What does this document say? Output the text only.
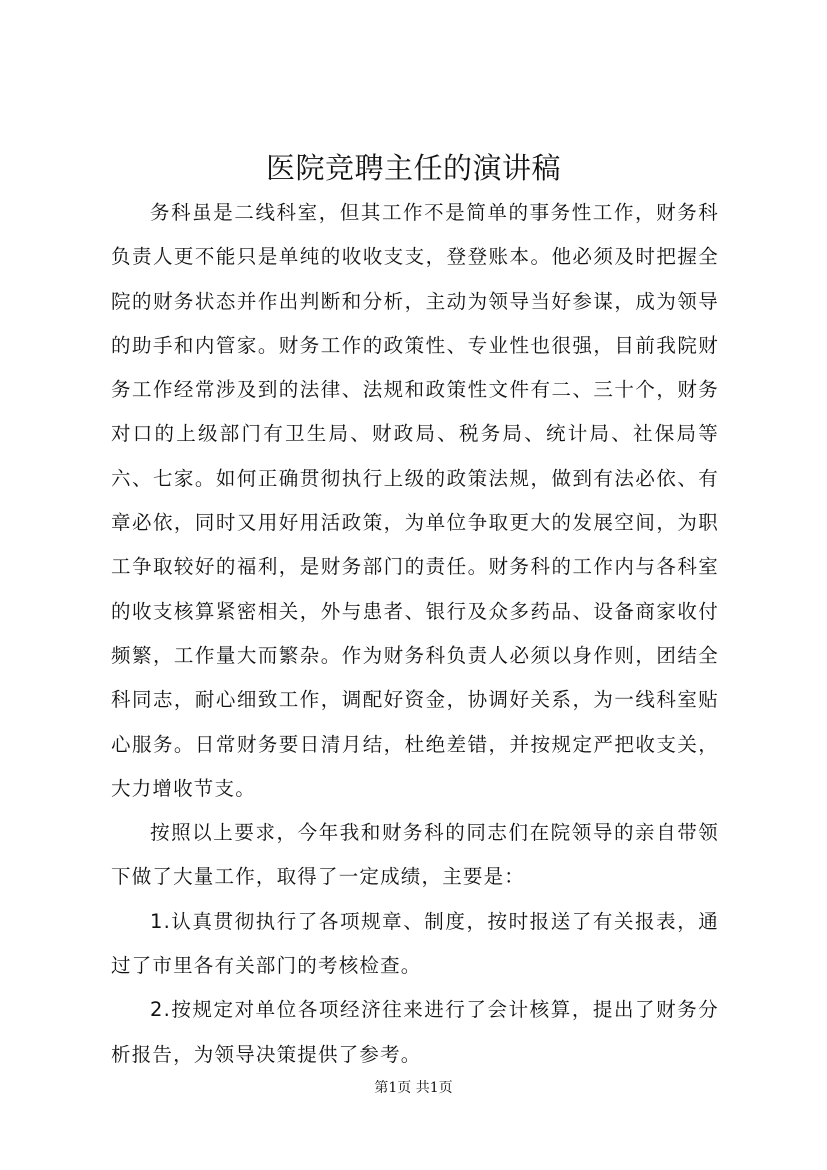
医院竞聘主任的演讲稿

务科虽是二线科室，但其工作不是简单的事务性工作，财务科负责人更不能只是单纯的收收支支，登登账本。他必须及时把握全院的财务状态并作出判断和分析，主动为领导当好参谋，成为领导的助手和内管家。财务工作的政策性、专业性也很强，目前我院财务工作经常涉及到的法律、法规和政策性文件有二、三十个，财务对口的上级部门有卫生局、财政局、税务局、统计局、社保局等六、七家。如何正确贯彻执行上级的政策法规，做到有法必依、有章必依，同时又用好用活政策，为单位争取更大的发展空间，为职工争取较好的福利，是财务部门的责任。财务科的工作内与各科室的收支核算紧密相关，外与患者、银行及众多药品、设备商家收付频繁，工作量大而繁杂。作为财务科负责人必须以身作则，团结全科同志，耐心细致工作，调配好资金，协调好关系，为一线科室贴心服务。日常财务要日清月结，杜绝差错，并按规定严把收支关，大力增收节支。

按照以上要求，今年我和财务科的同志们在院领导的亲自带领下做了大量工作，取得了一定成绩，主要是：

1.认真贯彻执行了各项规章、制度，按时报送了有关报表，通过了市里各有关部门的考核检查。

2.按规定对单位各项经济往来进行了会计核算，提出了财务分析报告，为领导决策提供了参考。

第1页 共1页
